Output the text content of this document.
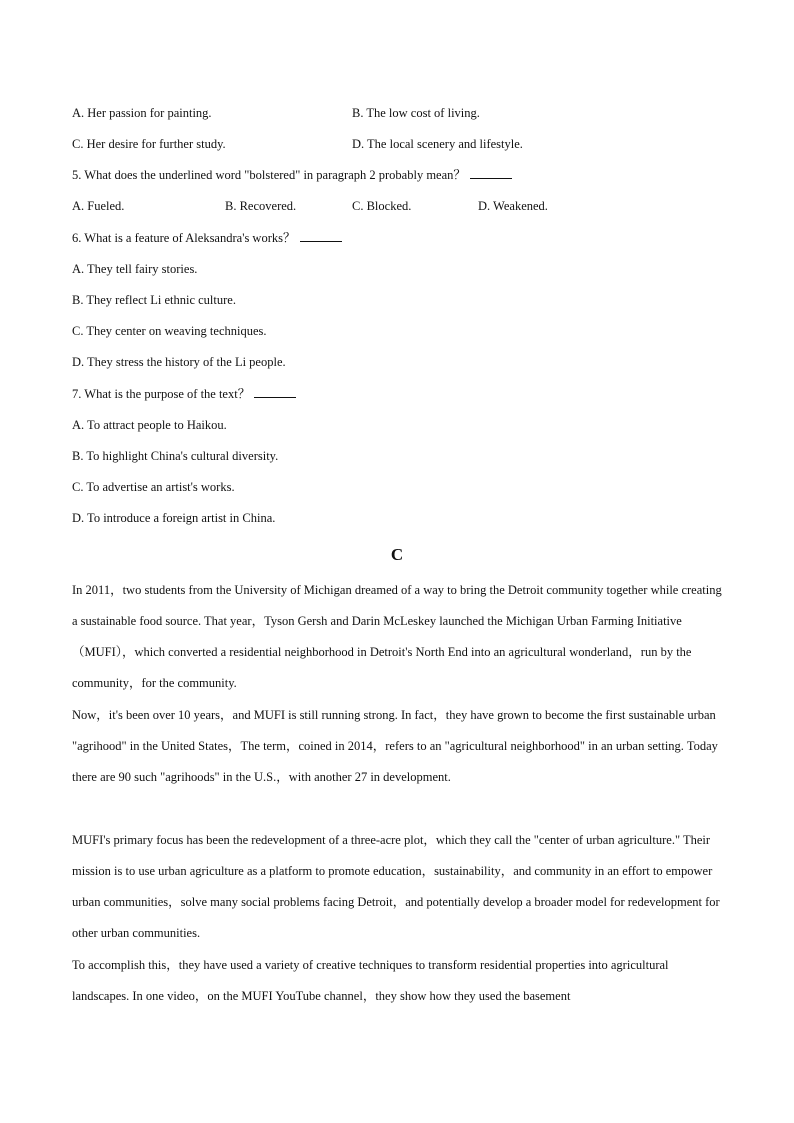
A. Her passion for painting.	B. The low cost of living.
C. Her desire for further study.	D. The local scenery and lifestyle.
5. What does the underlined word "bolstered" in paragraph 2 probably mean？
A. Fueled.	B. Recovered.	C. Blocked.	D. Weakened.
6. What is a feature of Aleksandra's works？
A. They tell fairy stories.
B. They reflect Li ethnic culture.
C. They center on weaving techniques.
D. They stress the history of the Li people.
7. What is the purpose of the text？
A. To attract people to Haikou.
B. To highlight China's cultural diversity.
C. To advertise an artist's works.
D. To introduce a foreign artist in China.
C
In 2011，two students from the University of Michigan dreamed of a way to bring the Detroit community together while creating a sustainable food source. That year，Tyson Gersh and Darin McLeskey launched the Michigan Urban Farming Initiative （MUFI），which converted a residential neighborhood in Detroit's North End into an agricultural wonderland，run by the community，for the community.
Now，it's been over 10 years，and MUFI is still running strong. In fact，they have grown to become the first sustainable urban "agrihood" in the United States，The term，coined in 2014，refers to an "agricultural neighborhood" in an urban setting. Today there are 90 such "agrihoods" in the U.S.，with another 27 in development.
MUFI's primary focus has been the redevelopment of a three-acre plot，which they call the "center of urban agriculture." Their mission is to use urban agriculture as a platform to promote education，sustainability，and community in an effort to empower urban communities，solve many social problems facing Detroit，and potentially develop a broader model for redevelopment for other urban communities.
To accomplish this，they have used a variety of creative techniques to transform residential properties into agricultural landscapes. In one video，on the MUFI YouTube channel，they show how they used the basement
